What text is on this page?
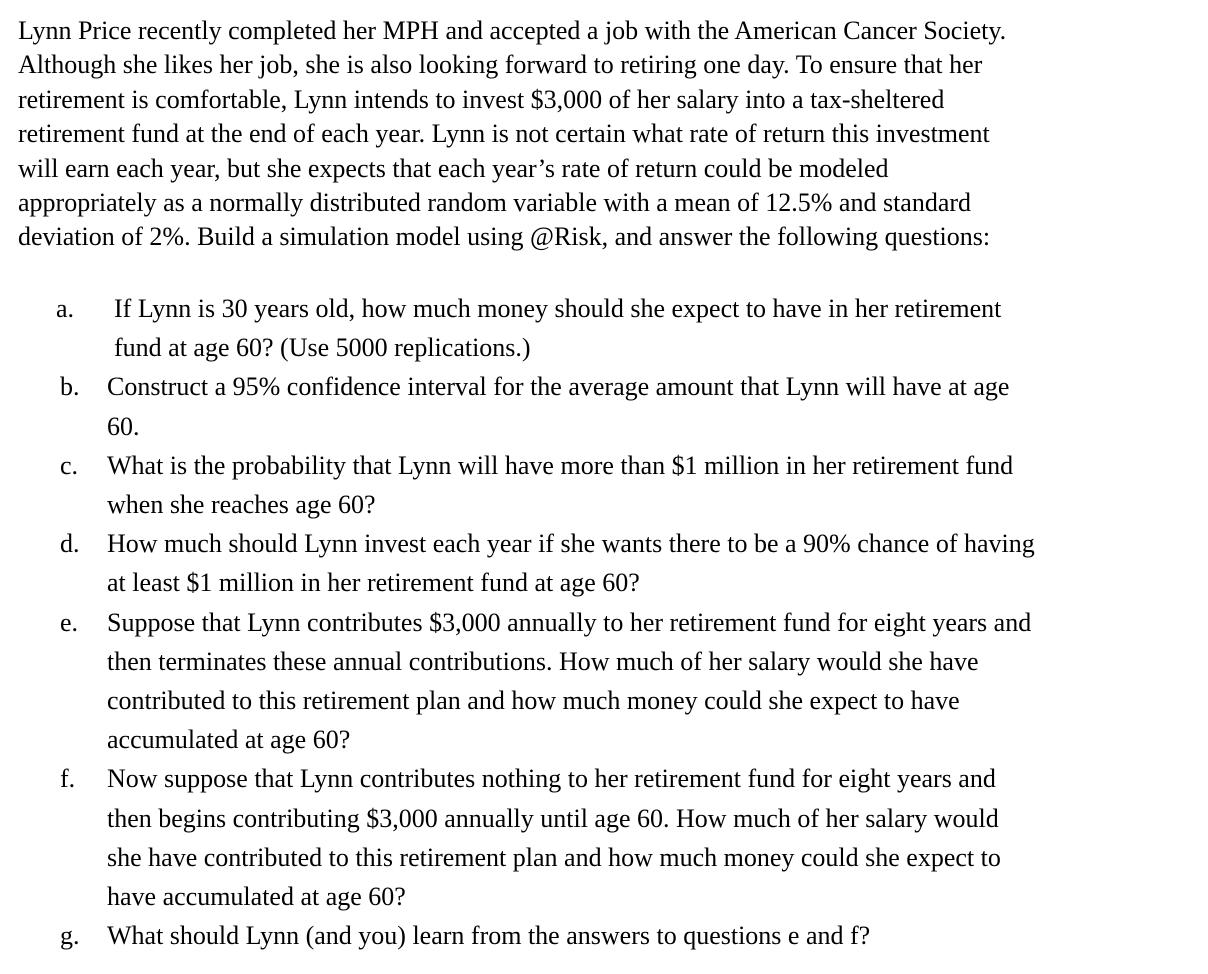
Lynn Price recently completed her MPH and accepted a job with the American Cancer Society.
Although she likes her job, she is also looking forward to retiring one day. To ensure that her
retirement is comfortable, Lynn intends to invest $3,000 of her salary into a tax-sheltered
retirement fund at the end of each year. Lynn is not certain what rate of return this investment
will earn each year, but she expects that each year’s rate of return could be modeled
appropriately as a normally distributed random variable with a mean of 12.5% and standard
deviation of 2%. Build a simulation model using @Risk, and answer the following questions:

a. If Lynn is 30 years old, how much money should she expect to have in her retirement
fund at age 60? (Use 5000 replications.)
b. Construct a 95% confidence interval for the average amount that Lynn will have at age
60.
c. What is the probability that Lynn will have more than $1 million in her retirement fund
when she reaches age 60?
d. How much should Lynn invest each year if she wants there to be a 90% chance of having
at least $1 million in her retirement fund at age 60?
e. Suppose that Lynn contributes $3,000 annually to her retirement fund for eight years and
then terminates these annual contributions. How much of her salary would she have
contributed to this retirement plan and how much money could she expect to have
accumulated at age 60?
f. Now suppose that Lynn contributes nothing to her retirement fund for eight years and
then begins contributing $3,000 annually until age 60. How much of her salary would
she have contributed to this retirement plan and how much money could she expect to
have accumulated at age 60?
g. What should Lynn (and you) learn from the answers to questions e and f?
